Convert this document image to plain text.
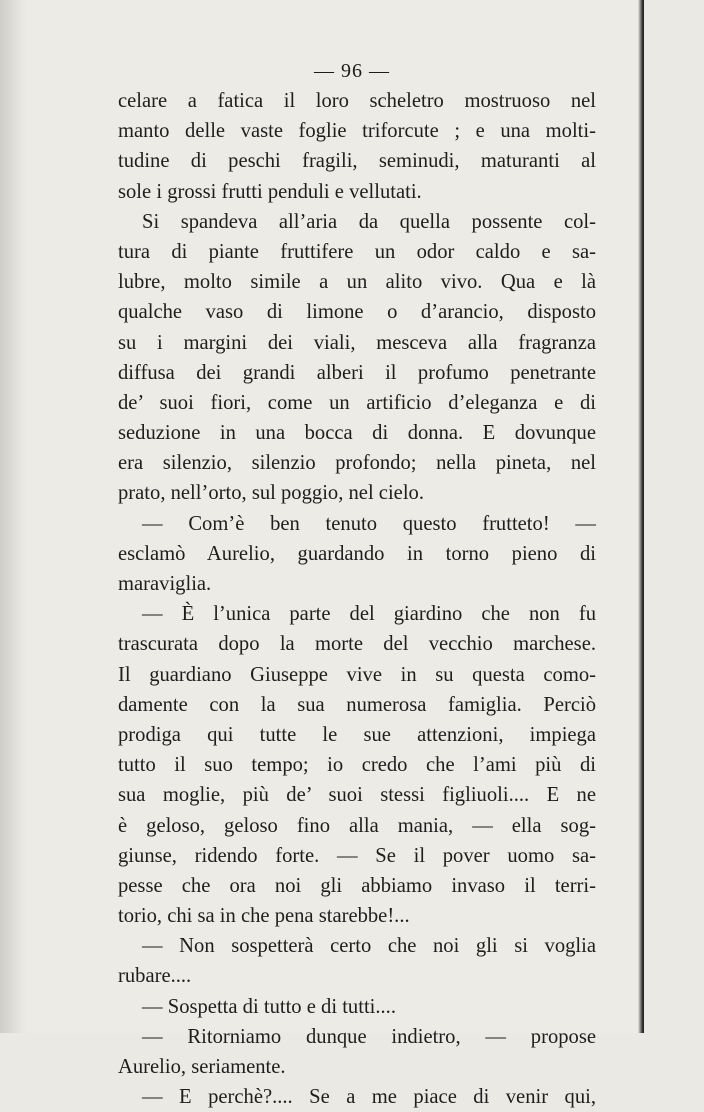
— 96 —
celare a fatica il loro scheletro mostruoso nel
manto delle vaste foglie triforcute ; e una molti-
tudine di peschi fragili, seminudi, maturanti al
sole i grossi frutti penduli e vellutati.
Si spandeva all’aria da quella possente col-
tura di piante fruttifere un odor caldo e sa-
lubre, molto simile a un alito vivo. Qua e là
qualche vaso di limone o d’arancio, disposto
su i margini dei viali, mesceva alla fragranza
diffusa dei grandi alberi il profumo penetrante
de’ suoi fiori, come un artificio d’eleganza e di
seduzione in una bocca di donna. E dovunque
era silenzio, silenzio profondo; nella pineta, nel
prato, nell’orto, sul poggio, nel cielo.
— Com’è ben tenuto questo frutteto! —
esclamò Aurelio, guardando in torno pieno di
maraviglia.
— È l’unica parte del giardino che non fu
trascurata dopo la morte del vecchio marchese.
Il guardiano Giuseppe vive in su questa como-
damente con la sua numerosa famiglia. Perciò
prodiga qui tutte le sue attenzioni, impiega
tutto il suo tempo; io credo che l’ami più di
sua moglie, più de’ suoi stessi figliuoli.... E ne
è geloso, geloso fino alla mania, — ella sog-
giunse, ridendo forte. — Se il pover uomo sa-
pesse che ora noi gli abbiamo invaso il terri-
torio, chi sa in che pena starebbe!...
— Non sospetterà certo che noi gli si voglia
rubare....
— Sospetta di tutto e di tutti....
— Ritorniamo dunque indietro, — propose
Aurelio, seriamente.
— E perchè?.... Se a me piace di venir qui,
